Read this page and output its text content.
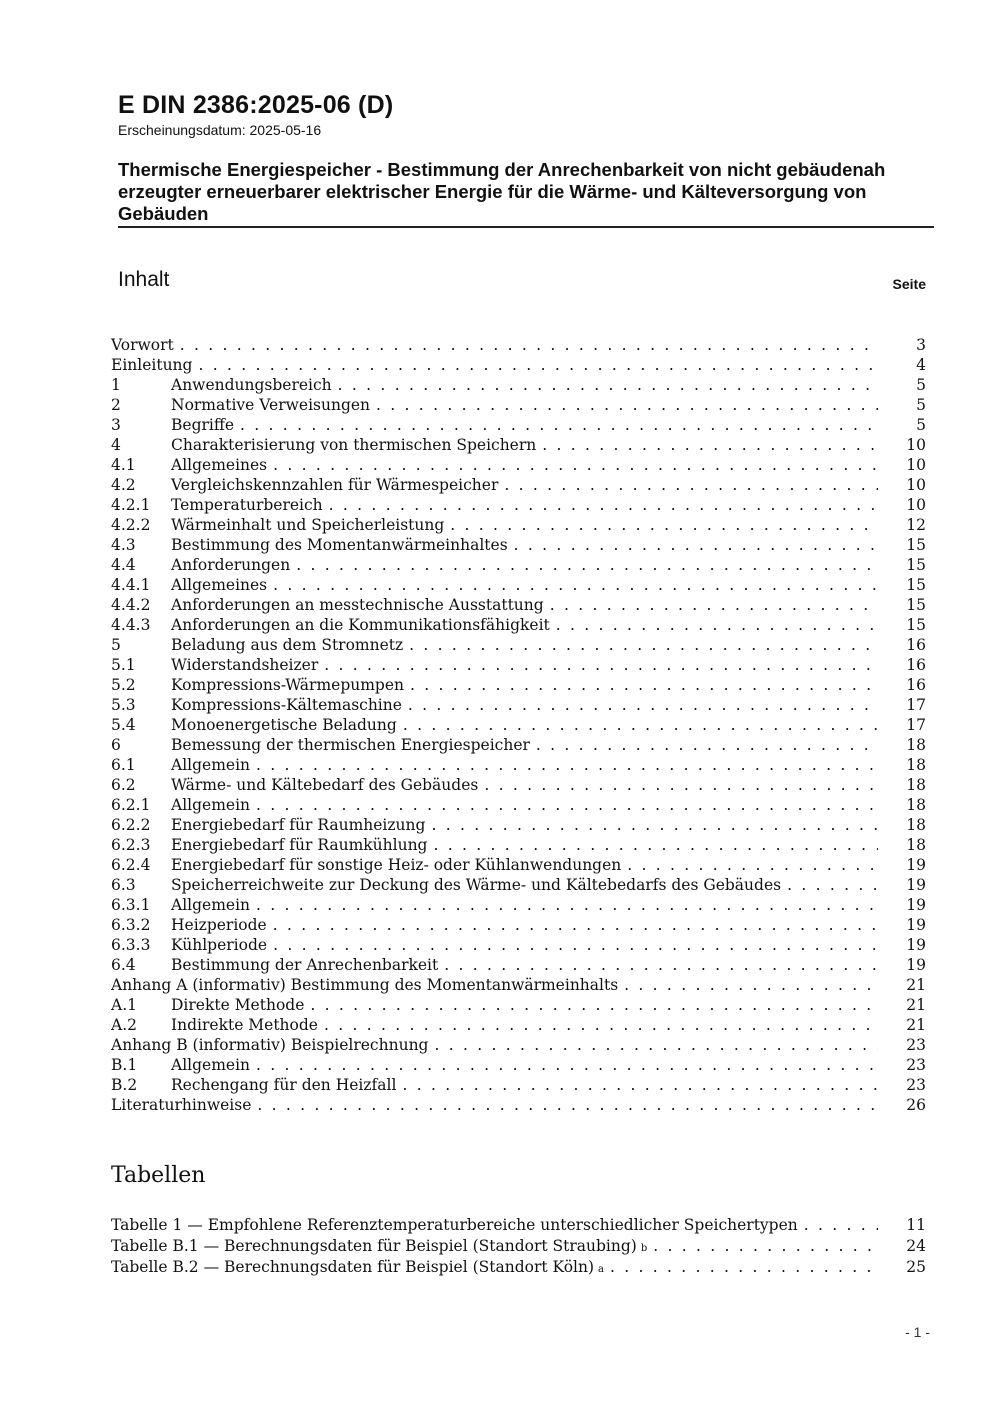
E DIN 2386:2025-06 (D)
Erscheinungsdatum: 2025-05-16
Thermische Energiespeicher - Bestimmung der Anrechenbarkeit von nicht gebäudenah erzeugter erneuerbarer elektrischer Energie für die Wärme- und Kälteversorgung von Gebäuden
Inhalt	Seite
Vorwort . . .	3
Einleitung . . .	4
1	Anwendungsbereich . . .	5
2	Normative Verweisungen . . .	5
3	Begriffe . . .	5
4	Charakterisierung von thermischen Speichern . . .	10
4.1	Allgemeines . . .	10
4.2	Vergleichskennzahlen für Wärmespeicher . . .	10
4.2.1	Temperaturbereich . . .	10
4.2.2	Wärmeinhalt und Speicherleistung . . .	12
4.3	Bestimmung des Momentanwärmeinhaltes . . .	15
4.4	Anforderungen . . .	15
4.4.1	Allgemeines . . .	15
4.4.2	Anforderungen an messtechnische Ausstattung . . .	15
4.4.3	Anforderungen an die Kommunikationsfähigkeit . . .	15
5	Beladung aus dem Stromnetz . . .	16
5.1	Widerstandsheizer . . .	16
5.2	Kompressions-Wärmepumpen . . .	16
5.3	Kompressions-Kältemaschine . . .	17
5.4	Monoenergetische Beladung . . .	17
6	Bemessung der thermischen Energiespeicher . . .	18
6.1	Allgemein . . .	18
6.2	Wärme- und Kältebedarf des Gebäudes . . .	18
6.2.1	Allgemein . . .	18
6.2.2	Energiebedarf für Raumheizung . . .	18
6.2.3	Energiebedarf für Raumkühlung . . .	18
6.2.4	Energiebedarf für sonstige Heiz- oder Kühlanwendungen . . .	19
6.3	Speicherreichweite zur Deckung des Wärme- und Kältebedarfs des Gebäudes . . .	19
6.3.1	Allgemein . . .	19
6.3.2	Heizperiode . . .	19
6.3.3	Kühlperiode . . .	19
6.4	Bestimmung der Anrechenbarkeit . . .	19
Anhang A (informativ) Bestimmung des Momentanwärmeinhalts . . .	21
A.1	Direkte Methode . . .	21
A.2	Indirekte Methode . . .	21
Anhang B (informativ) Beispielrechnung . . .	23
B.1	Allgemein . . .	23
B.2	Rechengang für den Heizfall . . .	23
Literaturhinweise . . .	26
Tabellen
Tabelle 1 — Empfohlene Referenztemperaturbereiche unterschiedlicher Speichertypen . . .	11
Tabelle B.1 — Berechnungsdaten für Beispiel (Standort Straubing) b . . .	24
Tabelle B.2 — Berechnungsdaten für Beispiel (Standort Köln) a . . .	25
- 1 -
